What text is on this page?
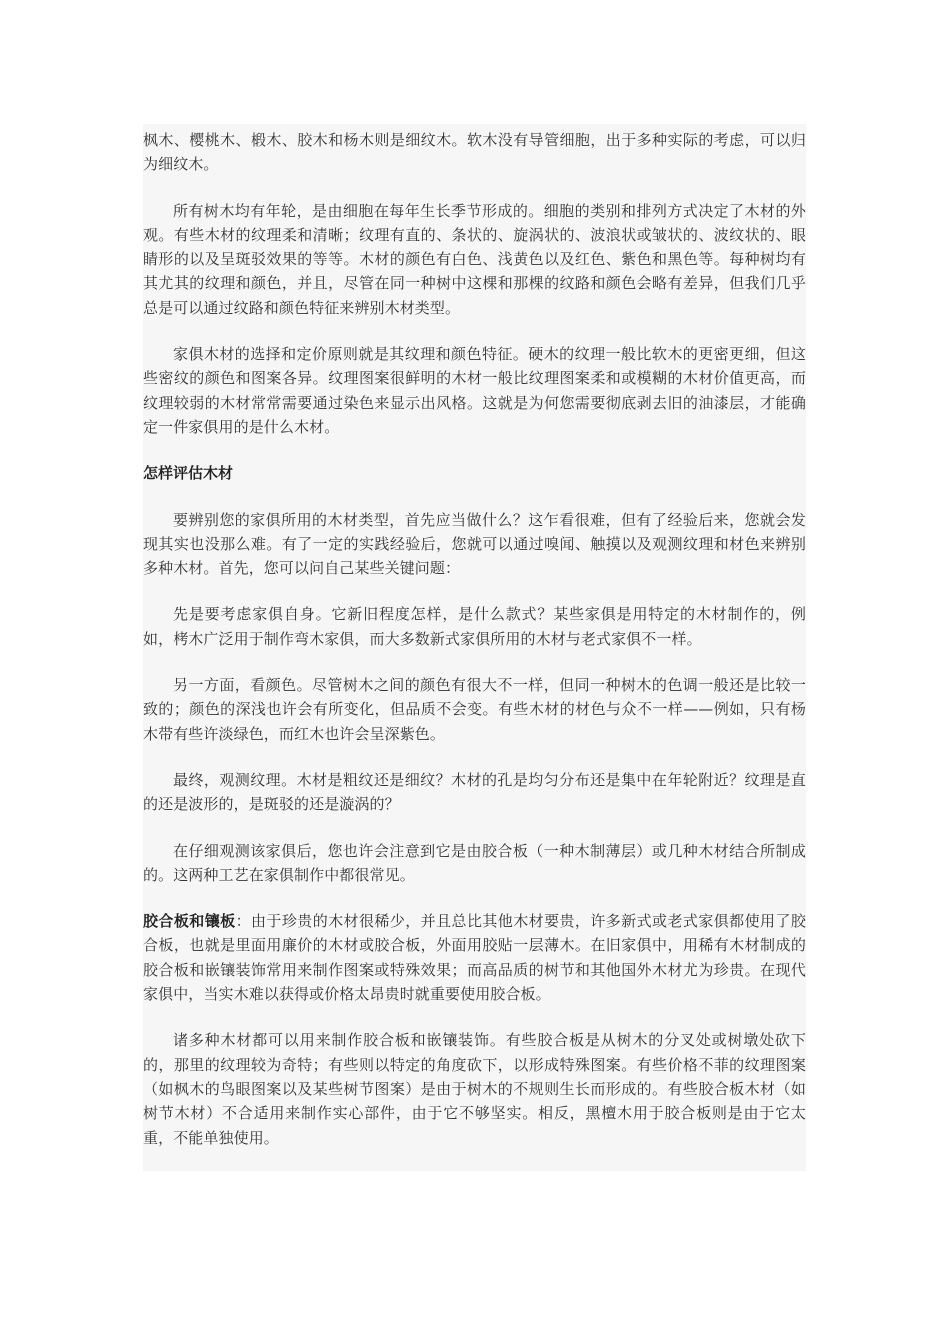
枫木、樱桃木、椴木、胶木和杨木则是细纹木。软木没有导管细胞，出于多种实际的考虑，可以归为细纹木。

所有树木均有年轮，是由细胞在每年生长季节形成的。细胞的类别和排列方式决定了木材的外观。有些木材的纹理柔和清晰；纹理有直的、条状的、旋涡状的、波浪状或皱状的、波纹状的、眼睛形的以及呈斑驳效果的等等。木材的颜色有白色、浅黄色以及红色、紫色和黑色等。每种树均有其尤其的纹理和颜色，并且，尽管在同一种树中这棵和那棵的纹路和颜色会略有差异，但我们几乎总是可以通过纹路和颜色特征来辨别木材类型。

家俱木材的选择和定价原则就是其纹理和颜色特征。硬木的纹理一般比软木的更密更细，但这些密纹的颜色和图案各异。纹理图案很鲜明的木材一般比纹理图案柔和或模糊的木材价值更高，而纹理较弱的木材常常需要通过染色来显示出风格。这就是为何您需要彻底剥去旧的油漆层，才能确定一件家俱用的是什么木材。

怎样评估木材

要辨别您的家俱所用的木材类型，首先应当做什么？这乍看很难，但有了经验后来，您就会发现其实也没那么难。有了一定的实践经验后，您就可以通过嗅闻、触摸以及观测纹理和材色来辨别多种木材。首先，您可以问自己某些关键问题：

先是要考虑家俱自身。它新旧程度怎样，是什么款式？某些家俱是用特定的木材制作的，例如，栲木广泛用于制作弯木家俱，而大多数新式家俱所用的木材与老式家俱不一样。

另一方面，看颜色。尽管树木之间的颜色有很大不一样，但同一种树木的色调一般还是比较一致的；颜色的深浅也许会有所变化，但品质不会变。有些木材的材色与众不一样——例如，只有杨木带有些许淡绿色，而红木也许会呈深紫色。

最终，观测纹理。木材是粗纹还是细纹？木材的孔是均匀分布还是集中在年轮附近？纹理是直的还是波形的，是斑驳的还是漩涡的？

在仔细观测该家俱后，您也许会注意到它是由胶合板（一种木制薄层）或几种木材结合所制成的。这两种工艺在家俱制作中都很常见。

胶合板和镶板：由于珍贵的木材很稀少，并且总比其他木材要贵，许多新式或老式家俱都使用了胶合板，也就是里面用廉价的木材或胶合板，外面用胶贴一层薄木。在旧家俱中，用稀有木材制成的胶合板和嵌镶装饰常用来制作图案或特殊效果；而高品质的树节和其他国外木材尤为珍贵。在现代家俱中，当实木难以获得或价格太昂贵时就重要使用胶合板。

诸多种木材都可以用来制作胶合板和嵌镶装饰。有些胶合板是从树木的分叉处或树墩处砍下的，那里的纹理较为奇特；有些则以特定的角度砍下，以形成特殊图案。有些价格不菲的纹理图案（如枫木的鸟眼图案以及某些树节图案）是由于树木的不规则生长而形成的。有些胶合板木材（如树节木材）不合适用来制作实心部件，由于它不够坚实。相反，黑檀木用于胶合板则是由于它太重，不能单独使用。
